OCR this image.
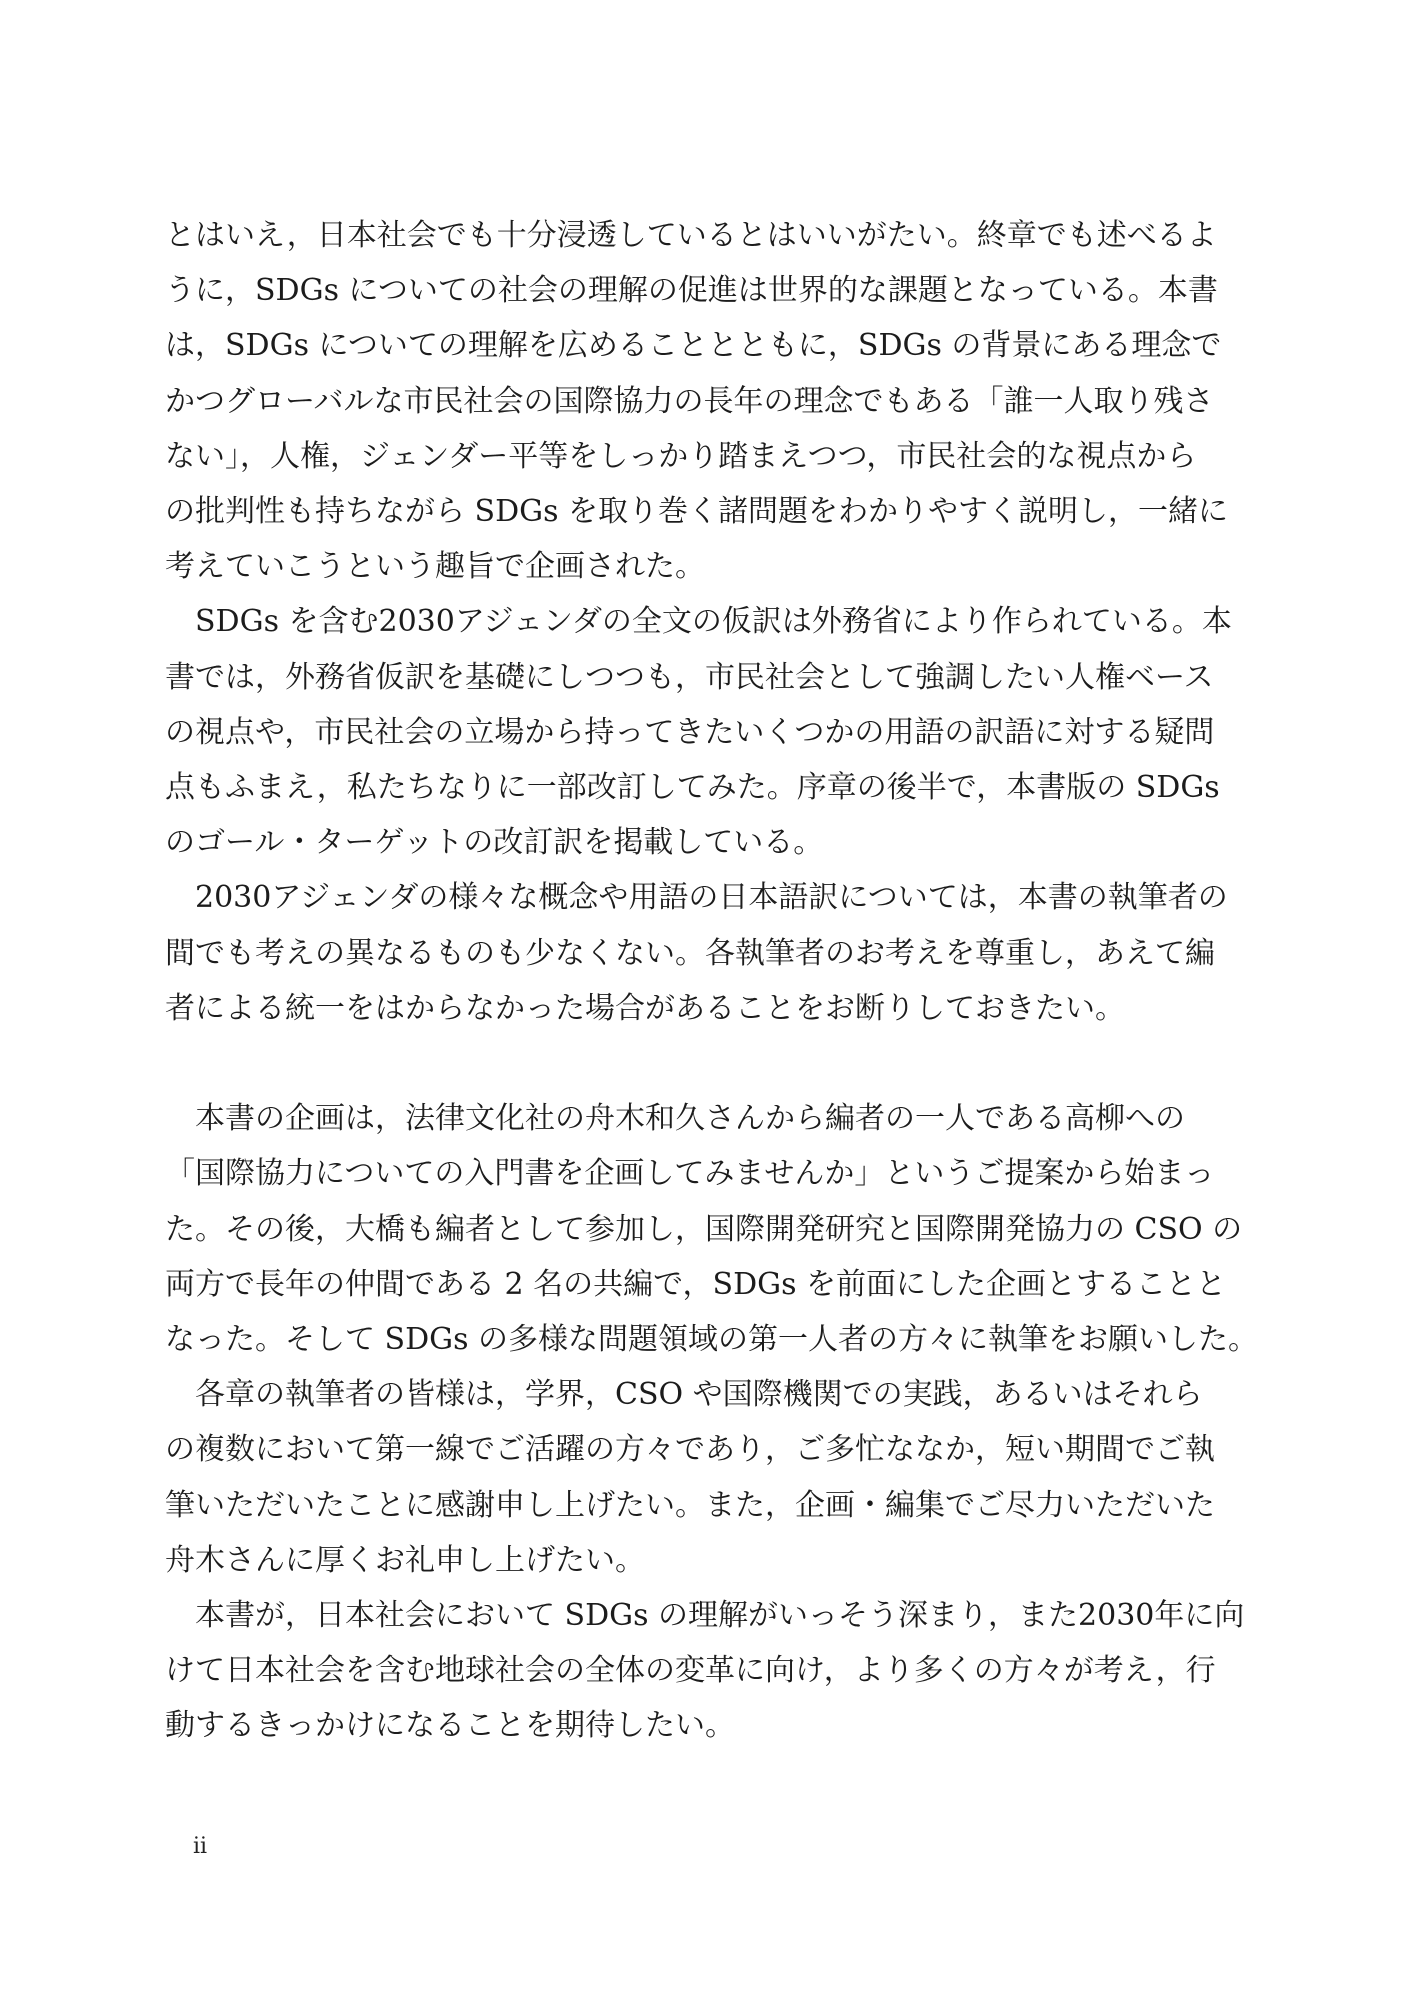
とはいえ，日本社会でも十分浸透しているとはいいがたい。終章でも述べるよ
うに，SDGs についての社会の理解の促進は世界的な課題となっている。本書
は，SDGs についての理解を広めることとともに，SDGs の背景にある理念で
かつグローバルな市民社会の国際協力の長年の理念でもある「誰一人取り残さ
ない」，人権，ジェンダー平等をしっかり踏まえつつ，市民社会的な視点から
の批判性も持ちながら SDGs を取り巻く諸問題をわかりやすく説明し，一緒に
考えていこうという趣旨で企画された。

SDGs を含む2030アジェンダの全文の仮訳は外務省により作られている。本
書では，外務省仮訳を基礎にしつつも，市民社会として強調したい人権ベース
の視点や，市民社会の立場から持ってきたいくつかの用語の訳語に対する疑問
点もふまえ，私たちなりに一部改訂してみた。序章の後半で，本書版の SDGs
のゴール・ターゲットの改訂訳を掲載している。

2030アジェンダの様々な概念や用語の日本語訳については，本書の執筆者の
間でも考えの異なるものも少なくない。各執筆者のお考えを尊重し，あえて編
者による統一をはからなかった場合があることをお断りしておきたい。

本書の企画は，法律文化社の舟木和久さんから編者の一人である高柳への
「国際協力についての入門書を企画してみませんか」というご提案から始まっ
た。その後，大橋も編者として参加し，国際開発研究と国際開発協力の CSO の
両方で長年の仲間である 2 名の共編で，SDGs を前面にした企画とすることと
なった。そして SDGs の多様な問題領域の第一人者の方々に執筆をお願いした。

各章の執筆者の皆様は，学界，CSO や国際機関での実践，あるいはそれら
の複数において第一線でご活躍の方々であり，ご多忙ななか，短い期間でご執
筆いただいたことに感謝申し上げたい。また，企画・編集でご尽力いただいた
舟木さんに厚くお礼申し上げたい。

本書が，日本社会において SDGs の理解がいっそう深まり，また2030年に向
けて日本社会を含む地球社会の全体の変革に向け，より多くの方々が考え，行
動するきっかけになることを期待したい。

ii
